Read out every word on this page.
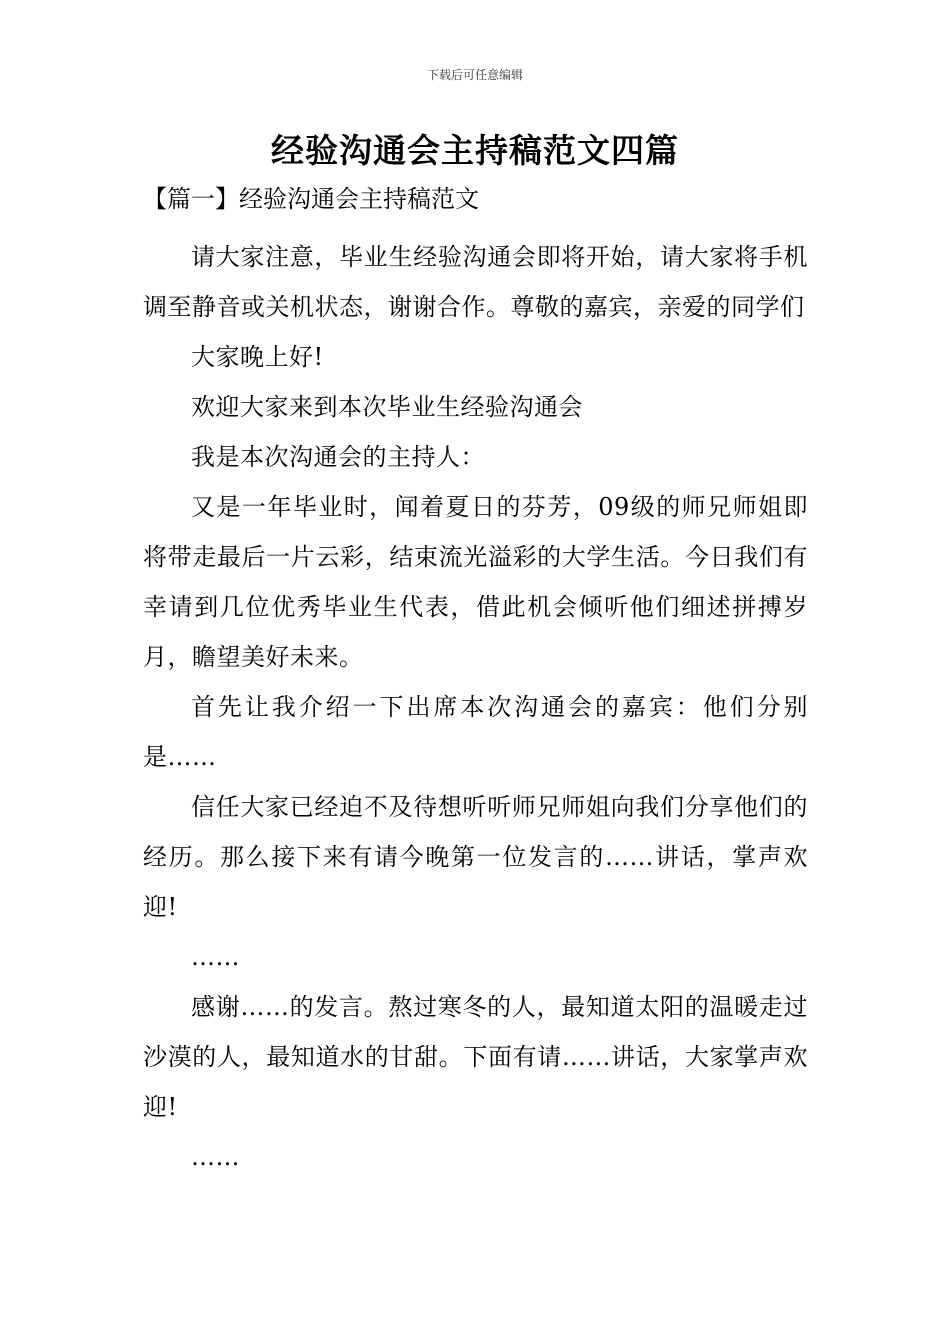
下载后可任意编辑
经验沟通会主持稿范文四篇
【篇一】经验沟通会主持稿范文

请大家注意，毕业生经验沟通会即将开始，请大家将手机调至静音或关机状态，谢谢合作。尊敬的嘉宾，亲爱的同学们

大家晚上好!

欢迎大家来到本次毕业生经验沟通会

我是本次沟通会的主持人：

又是一年毕业时，闻着夏日的芬芳，09级的师兄师姐即将带走最后一片云彩，结束流光溢彩的大学生活。今日我们有幸请到几位优秀毕业生代表，借此机会倾听他们细述拼搏岁月，瞻望美好未来。

首先让我介绍一下出席本次沟通会的嘉宾：他们分别是……

信任大家已经迫不及待想听听师兄师姐向我们分享他们的经历。那么接下来有请今晚第一位发言的……讲话，掌声欢迎!

……

感谢……的发言。熬过寒冬的人，最知道太阳的温暖走过沙漠的人，最知道水的甘甜。下面有请……讲话，大家掌声欢迎!

……
